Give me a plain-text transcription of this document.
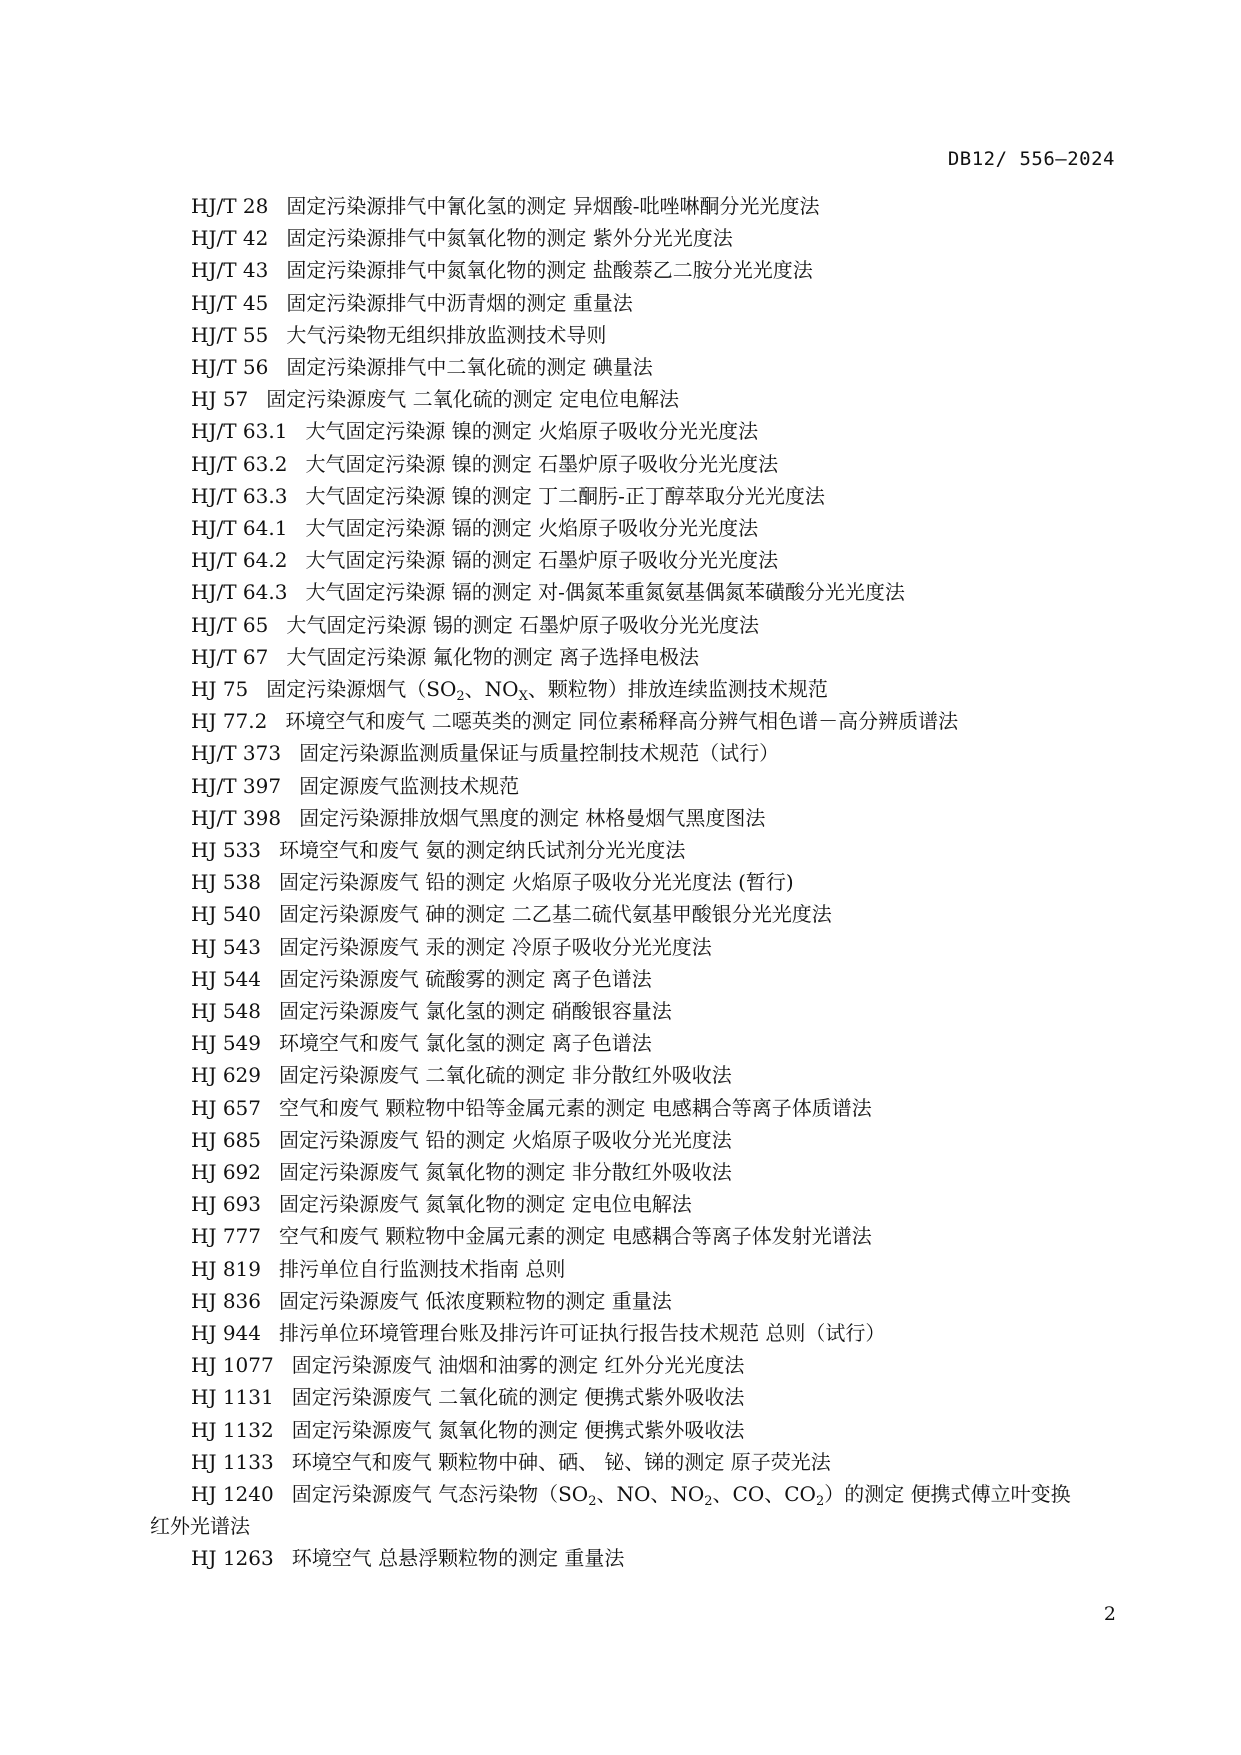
DB12/ 556—2024
HJ/T 28 固定污染源排气中氰化氢的测定 异烟酸-吡唑啉酮分光光度法
HJ/T 42 固定污染源排气中氮氧化物的测定 紫外分光光度法
HJ/T 43 固定污染源排气中氮氧化物的测定 盐酸萘乙二胺分光光度法
HJ/T 45 固定污染源排气中沥青烟的测定 重量法
HJ/T 55 大气污染物无组织排放监测技术导则
HJ/T 56 固定污染源排气中二氧化硫的测定 碘量法
HJ 57 固定污染源废气 二氧化硫的测定 定电位电解法
HJ/T 63.1 大气固定污染源 镍的测定 火焰原子吸收分光光度法
HJ/T 63.2 大气固定污染源 镍的测定 石墨炉原子吸收分光光度法
HJ/T 63.3 大气固定污染源 镍的测定 丁二酮肟-正丁醇萃取分光光度法
HJ/T 64.1 大气固定污染源 镉的测定 火焰原子吸收分光光度法
HJ/T 64.2 大气固定污染源 镉的测定 石墨炉原子吸收分光光度法
HJ/T 64.3 大气固定污染源 镉的测定 对-偶氮苯重氮氨基偶氮苯磺酸分光光度法
HJ/T 65 大气固定污染源 锡的测定 石墨炉原子吸收分光光度法
HJ/T 67 大气固定污染源 氟化物的测定 离子选择电极法
HJ 75 固定污染源烟气（$SO_2$、$NO_X$、颗粒物）排放连续监测技术规范
HJ 77.2 环境空气和废气 二噁英类的测定 同位素稀释高分辨气相色谱－高分辨质谱法
HJ/T 373 固定污染源监测质量保证与质量控制技术规范（试行）
HJ/T 397 固定源废气监测技术规范
HJ/T 398 固定污染源排放烟气黑度的测定 林格曼烟气黑度图法
HJ 533 环境空气和废气 氨的测定纳氏试剂分光光度法
HJ 538 固定污染源废气 铅的测定 火焰原子吸收分光光度法 (暂行)
HJ 540 固定污染源废气 砷的测定 二乙基二硫代氨基甲酸银分光光度法
HJ 543 固定污染源废气 汞的测定 冷原子吸收分光光度法
HJ 544 固定污染源废气 硫酸雾的测定 离子色谱法
HJ 548 固定污染源废气 氯化氢的测定 硝酸银容量法
HJ 549 环境空气和废气 氯化氢的测定 离子色谱法
HJ 629 固定污染源废气 二氧化硫的测定 非分散红外吸收法
HJ 657 空气和废气 颗粒物中铅等金属元素的测定 电感耦合等离子体质谱法
HJ 685 固定污染源废气 铅的测定 火焰原子吸收分光光度法
HJ 692 固定污染源废气 氮氧化物的测定 非分散红外吸收法
HJ 693 固定污染源废气 氮氧化物的测定 定电位电解法
HJ 777 空气和废气 颗粒物中金属元素的测定 电感耦合等离子体发射光谱法
HJ 819 排污单位自行监测技术指南 总则
HJ 836 固定污染源废气 低浓度颗粒物的测定 重量法
HJ 944 排污单位环境管理台账及排污许可证执行报告技术规范 总则（试行）
HJ 1077 固定污染源废气 油烟和油雾的测定 红外分光光度法
HJ 1131 固定污染源废气 二氧化硫的测定 便携式紫外吸收法
HJ 1132 固定污染源废气 氮氧化物的测定 便携式紫外吸收法
HJ 1133 环境空气和废气 颗粒物中砷、硒、 铋、锑的测定 原子荧光法
HJ 1240 固定污染源废气 气态污染物（$SO_2$、NO、$NO_2$、CO、$CO_2$）的测定 便携式傅立叶变换
红外光谱法
HJ 1263 环境空气 总悬浮颗粒物的测定 重量法
2
